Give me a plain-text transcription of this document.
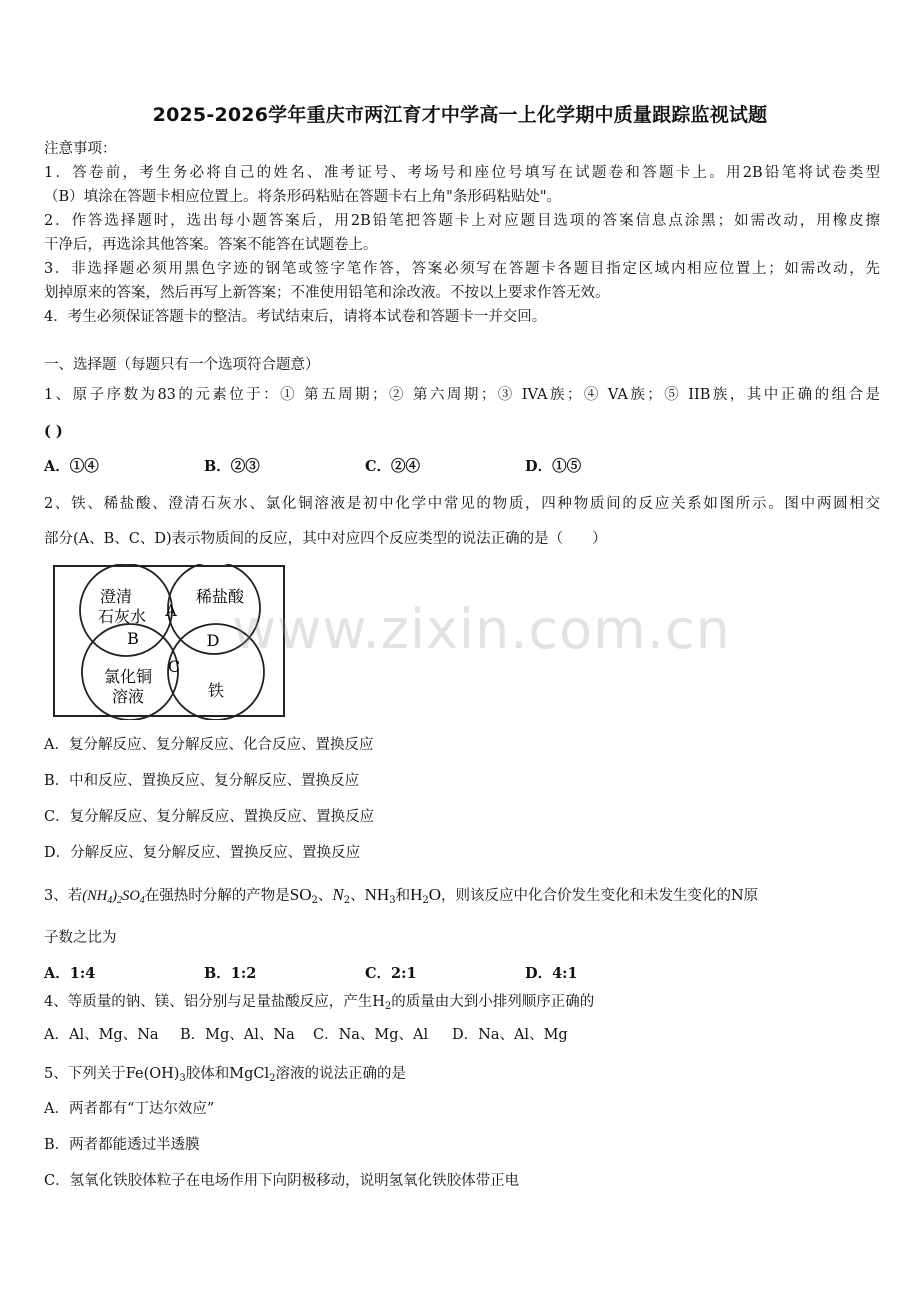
2025-2026学年重庆市两江育才中学高一上化学期中质量跟踪监视试题
注意事项：
1．答卷前，考生务必将自己的姓名、准考证号、考场号和座位号填写在试题卷和答题卡上。用2B铅笔将试卷类型
（B）填涂在答题卡相应位置上。将条形码粘贴在答题卡右上角"条形码粘贴处"。
2．作答选择题时，选出每小题答案后，用2B铅笔把答题卡上对应题目选项的答案信息点涂黑；如需改动，用橡皮擦
干净后，再选涂其他答案。答案不能答在试题卷上。
3．非选择题必须用黑色字迹的钢笔或签字笔作答，答案必须写在答题卡各题目指定区域内相应位置上；如需改动，先
划掉原来的答案，然后再写上新答案；不准使用铅笔和涂改液。不按以上要求作答无效。
4．考生必须保证答题卡的整洁。考试结束后，请将本试卷和答题卡一并交回。
一、选择题（每题只有一个选项符合题意）
1、原子序数为83的元素位于：① 第五周期；② 第六周期；③ IVA族；④ VA族；⑤ IIB族，其中正确的组合是
( )
A．①④	B．②③	C．②④	D．①⑤
2、铁、稀盐酸、澄清石灰水、氯化铜溶液是初中化学中常见的物质，四种物质间的反应关系如图所示。图中两圆相交
部分(A、B、C、D)表示物质间的反应，其中对应四个反应类型的说法正确的是（　　）
澄清
石灰水
稀盐酸
氯化铜
溶液	铁
A
B
C
D www.zixin.com.cn
A．复分解反应、复分解反应、化合反应、置换反应
B．中和反应、置换反应、复分解反应、置换反应
C．复分解反应、复分解反应、置换反应、置换反应
D．分解反应、复分解反应、置换反应、置换反应
3、若$(NH_4)_2SO_4$在强热时分解的产物是$SO_2$、$N_2$、$NH_3$和$H_2O$，则该反应中化合价发生变化和未发生变化的N原
子数之比为
A．1:4	B．1:2	C．2:1	D．4:1
4、等质量的钠、镁、铝分别与足量盐酸反应，产生$H_2$的质量由大到小排列顺序正确的
A．Al、Mg、Na B．Mg、Al、Na C．Na、Mg、Al D．Na、Al、Mg
5、下列关于$Fe(OH)_3$胶体和MgCl$_2$溶液的说法正确的是
A．两者都有“丁达尔效应”
B．两者都能透过半透膜
C．氢氧化铁胶体粒子在电场作用下向阴极移动，说明氢氧化铁胶体带正电
